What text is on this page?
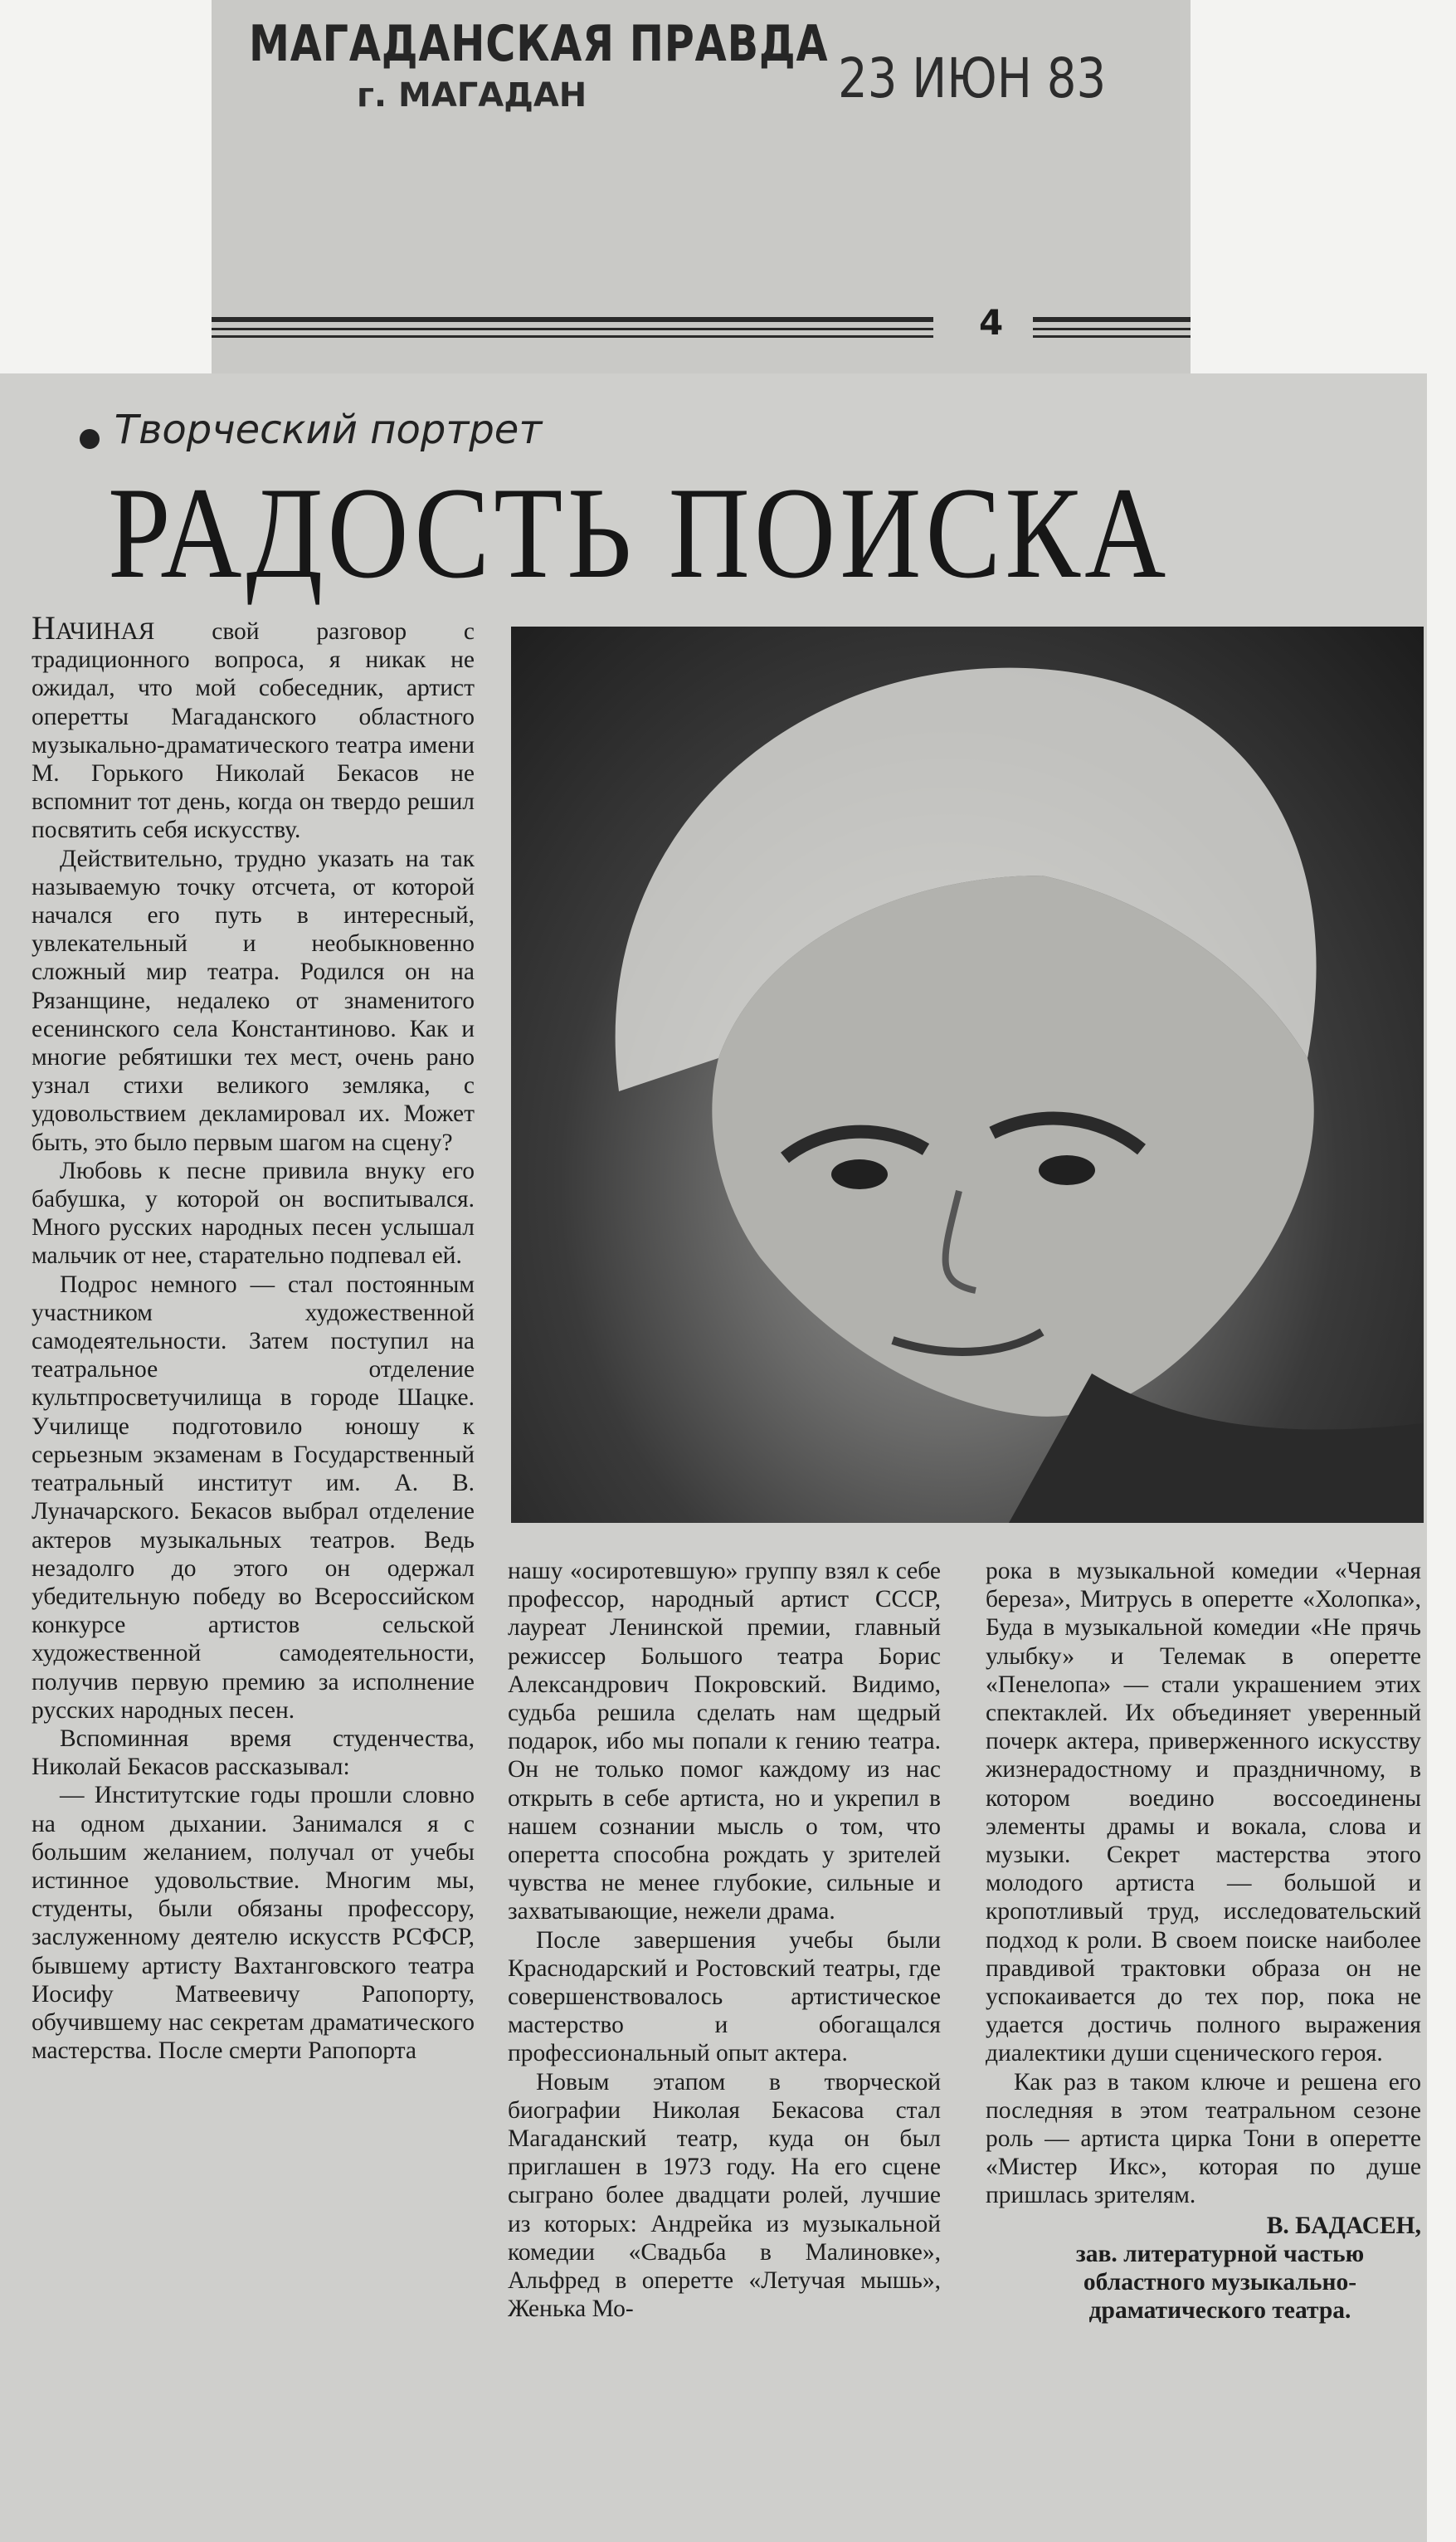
МАГАДАНСКАЯ ПРАВДА
г. МАГАДАН	23 ИЮН 83
4
Творческий портрет
РАДОСТЬ ПОИСКА

НАЧИНАЯ свой разговор с традиционного вопроса, я никак не ожидал, что мой собеседник, артист оперетты Магаданского областного музыкально-драматического театра имени М. Горького Николай Бекасов не вспомнит тот день, когда он твердо решил посвятить себя искусству.

Действительно, трудно указать на так называемую точку отсчета, от которой начался его путь в интересный, увлекательный и необыкновенно сложный мир театра. Родился он на Рязанщине, недалеко от знаменитого есенинского села Константиново. Как и многие ребятишки тех мест, очень рано узнал стихи великого земляка, с удовольствием декламировал их. Может быть, это было первым шагом на сцену?

Любовь к песне привила внуку его бабушка, у которой он воспитывался. Много русских народных песен услышал мальчик от нее, старательно подпевал ей.

Подрос немного — стал постоянным участником художественной самодеятельности. Затем поступил на театральное отделение культпросветучилища в городе Шацке. Училище подготовило юношу к серьезным экзаменам в Государственный театральный институт им. А. В. Луначарского. Бекасов выбрал отделение актеров музыкальных театров. Ведь незадолго до этого он одержал убедительную победу во Всероссийском конкурсе артистов сельской художественной самодеятельности, получив первую премию за исполнение русских народных песен.

Вспоминная время студенчества, Николай Бекасов рассказывал:

— Институтские годы прошли словно на одном дыхании. Занимался я с большим желанием, получал от учебы истинное удовольствие. Многим мы, студенты, были обязаны профессору, заслуженному деятелю искусств РСФСР, бывшему артисту Вахтанговского театра Иосифу Матвеевичу Рапопорту, обучившему нас секретам драматического мастерства. После смерти Рапопорта

нашу «осиротевшую» группу взял к себе профессор, народный артист СССР, лауреат Ленинской премии, главный режиссер Большого театра Борис Александрович Покровский. Видимо, судьба решила сделать нам щедрый подарок, ибо мы попали к гению театра. Он не только помог каждому из нас открыть в себе артиста, но и укрепил в нашем сознании мысль о том, что оперетта способна рождать у зрителей чувства не менее глубокие, сильные и захватывающие, нежели драма.

После завершения учебы были Краснодарский и Ростовский театры, где совершенствовалось артистическое мастерство и обогащался профессиональный опыт актера.

Новым этапом в творческой биографии Николая Бекасова стал Магаданский театр, куда он был приглашен в 1973 году. На его сцене сыграно более двадцати ролей, лучшие из которых: Андрейка из музыкальной комедии «Свадьба в Малиновке», Альфред в оперетте «Летучая мышь», Женька Мо-

рока в музыкальной комедии «Черная береза», Митрусь в оперетте «Холопка», Буда в музыкальной комедии «Не прячь улыбку» и Телемак в оперетте «Пенелопа» — стали украшением этих спектаклей. Их объединяет уверенный почерк актера, приверженного искусству жизнерадостному и праздничному, в котором воедино воссоединены элементы драмы и вокала, слова и музыки. Секрет мастерства этого молодого артиста — большой и кропотливый труд, исследовательский подход к роли. В своем поиске наиболее правдивой трактовки образа он не успокаивается до тех пор, пока не удается достичь полного выражения диалектики души сценического героя.

Как раз в таком ключе и решена его последняя в этом театральном сезоне роль — артиста цирка Тони в оперетте «Мистер Икс», которая по душе пришлась зрителям.

В. БАДАСЕН,
зав. литературной частью областного музыкально-драматического театра.
